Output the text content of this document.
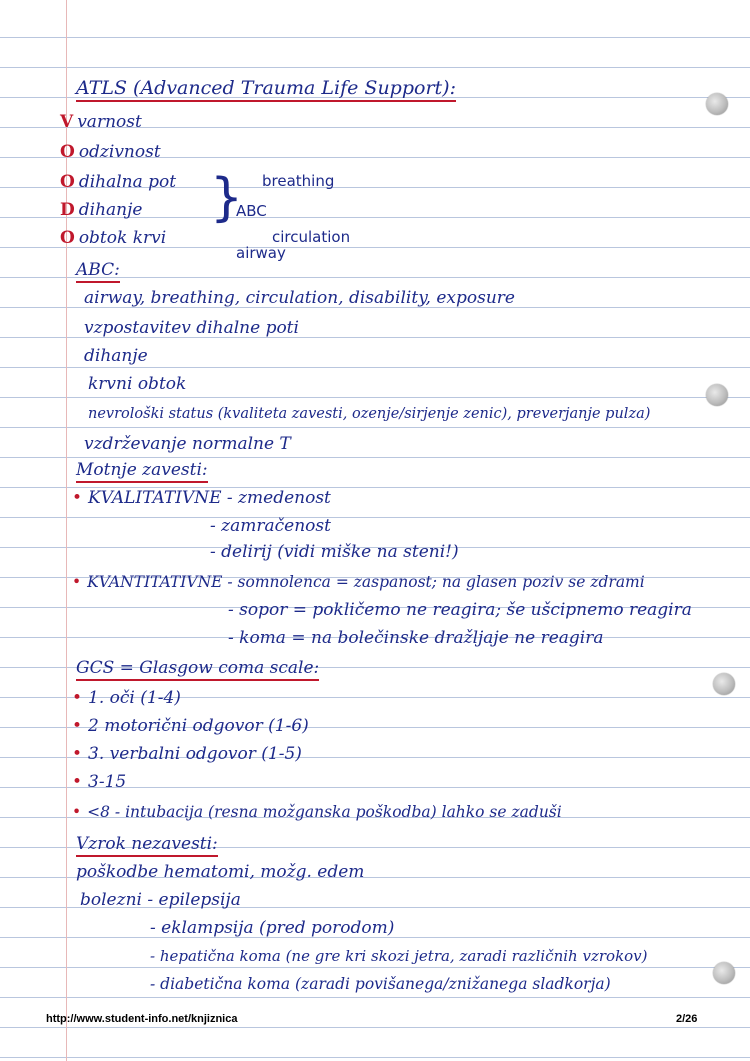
ATLS (Advanced Trauma Life Support):
V varnost
O odzivnost
O dihalna pot
D dihanje
O obtok krvi
} breathing
ABC
circulation
airway
ABC:
airway, breathing, circulation, disability, exposure
vzpostavitev dihalne poti
dihanje
krvni obtok
nevrološki status (kvaliteta zavesti, ozenje/sirjenje zenic), preverjanje pulza)
vzdrževanje normalne T
Motnje zavesti:
• KVALITATIVNE - zmedenost
- zamračenost
- delirij (vidi miške na steni!)
• KVANTITATIVNE - somnolenca = zaspanost; na glasen poziv se zdrami
- sopor = pokličemo ne reagira; še ušcipnemo reagira
- koma = na bolečinske dražljaje ne reagira
GCS = Glasgow coma scale:
• 1. oči (1-4)
• 2 motorični odgovor (1-6)
• 3. verbalni odgovor (1-5)
• 3-15
• <8 - intubacija (resna možganska poškodba) lahko se zaduši
Vzrok nezavesti:
poškodbe hematomi, možg. edem
bolezni - epilepsija
- eklampsija (pred porodom)
- hepatična koma (ne gre kri skozi jetra, zaradi različnih vzrokov)
- diabetična koma (zaradi povišanega/znižanega sladkorja)
http://www.student-info.net/knjiznica	2/26
